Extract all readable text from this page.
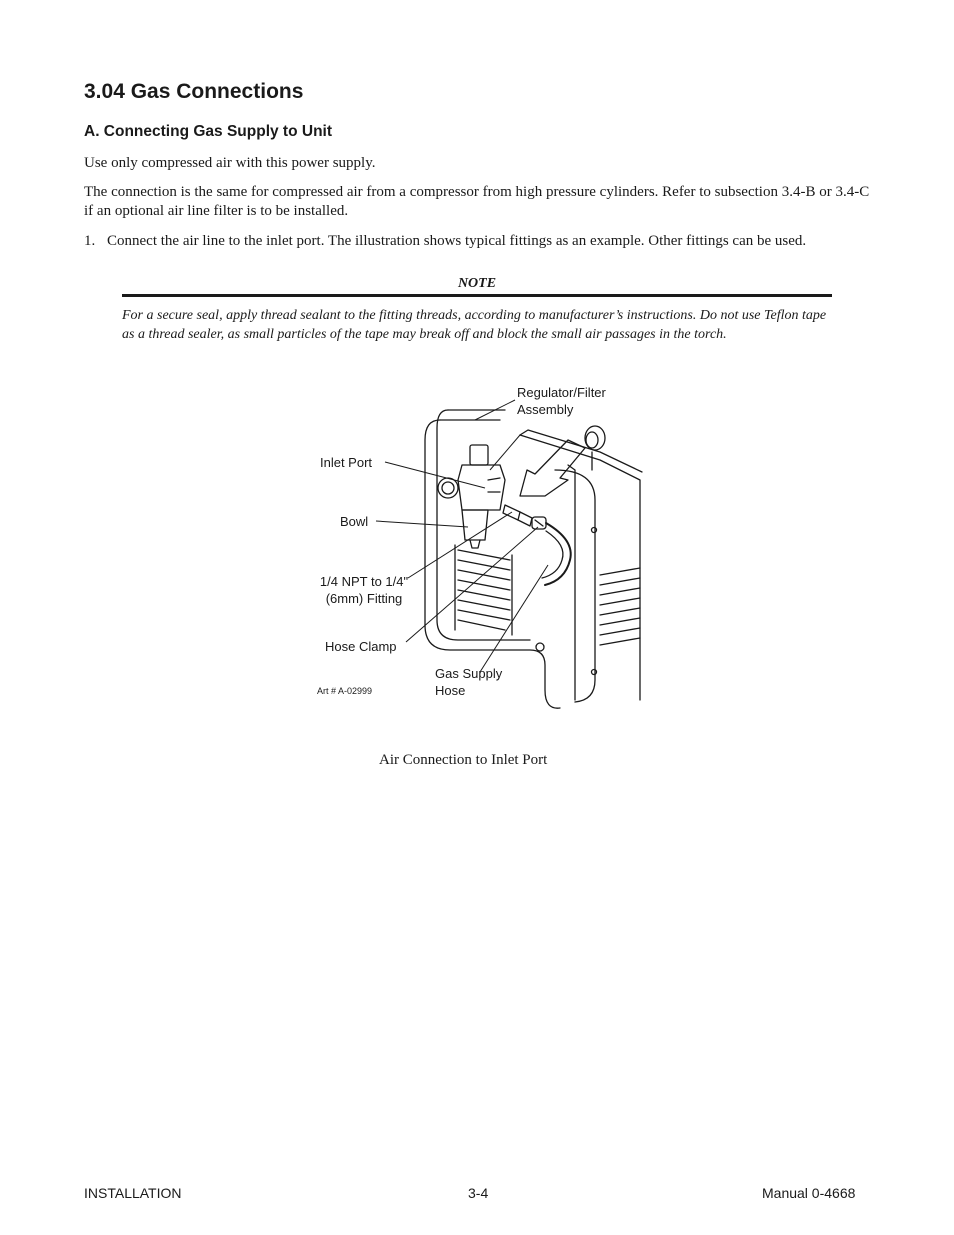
3.04 Gas Connections
A. Connecting Gas Supply to Unit

Use only compressed air with this power supply.

The connection is the same for compressed air from a compressor from high pressure cylinders. Refer to subsection 3.4-B or 3.4-C if an optional air line filter is to be installed.

1. Connect the air line to the inlet port. The illustration shows typical fittings as an example. Other fittings can be used.
NOTE

For a secure seal, apply thread sealant to the fitting threads, according to manufacturer’s instructions. Do not use Teflon tape as a thread sealer, as small particles of the tape may break off and block the small air passages in the torch.

Regulator/Filter
Assembly
Inlet Port
Bowl
1/4 NPT to 1/4"
(6mm) Fitting
Hose Clamp
Gas Supply
Hose
Art # A-02999
Air Connection to Inlet Port
INSTALLATION	3-4	Manual 0-4668
